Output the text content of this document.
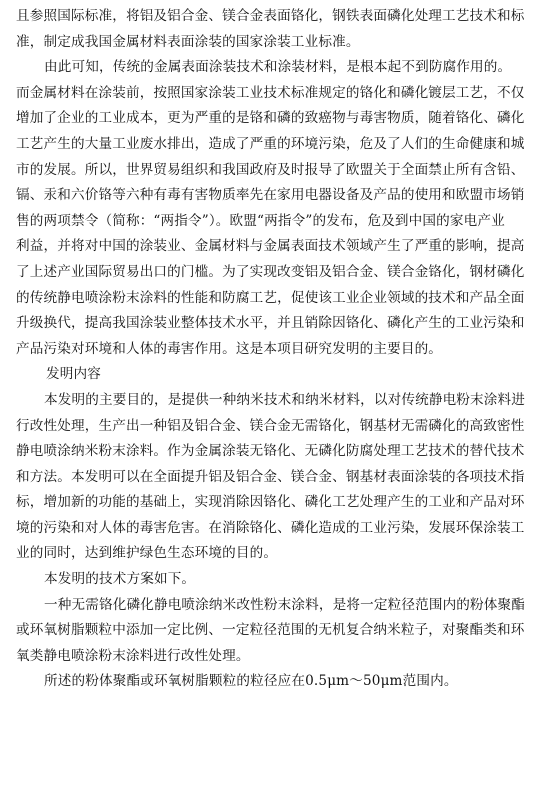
且参照国际标准，将铝及铝合金、镁合金表面铬化，钢铁表面磷化处理工艺技术和标
准，制定成我国金属材料表面涂装的国家涂装工业标准。
由此可知，传统的金属表面涂装技术和涂装材料，是根本起不到防腐作用的。
而金属材料在涂装前，按照国家涂装工业技术标准规定的铬化和磷化镀层工艺，不仅
增加了企业的工业成本，更为严重的是铬和磷的致癌物与毒害物质，随着铬化、磷化
工艺产生的大量工业废水排出，造成了严重的环境污染，危及了人们的生命健康和城
市的发展。所以，世界贸易组织和我国政府及时报导了欧盟关于全面禁止所有含铅、
镉、汞和六价铬等六种有毒有害物质率先在家用电器设备及产品的使用和欧盟市场销
售的两项禁令（简称：“两指令”）。欧盟“两指令”的发布，危及到中国的家电产业
利益，并将对中国的涂装业、金属材料与金属表面技术领域产生了严重的影响，提高
了上述产业国际贸易出口的门槛。为了实现改变铝及铝合金、镁合金铬化，钢材磷化
的传统静电喷涂粉末涂料的性能和防腐工艺，促使该工业企业领域的技术和产品全面
升级换代，提高我国涂装业整体技术水平，并且销除因铬化、磷化产生的工业污染和
产品污染对环境和人体的毒害作用。这是本项目研究发明的主要目的。
发明内容
本发明的主要目的，是提供一种纳米技术和纳米材料，以对传统静电粉末涂料进
行改性处理，生产出一种铝及铝合金、镁合金无需铬化，钢基材无需磷化的高致密性
静电喷涂纳米粉末涂料。作为金属涂装无铬化、无磷化防腐处理工艺技术的替代技术
和方法。本发明可以在全面提升铝及铝合金、镁合金、钢基材表面涂装的各项技术指
标，增加新的功能的基础上，实现消除因铬化、磷化工艺处理产生的工业和产品对环
境的污染和对人体的毒害危害。在消除铬化、磷化造成的工业污染，发展环保涂装工
业的同时，达到维护绿色生态环境的目的。
本发明的技术方案如下。
一种无需铬化磷化静电喷涂纳米改性粉末涂料，是将一定粒径范围内的粉体聚酯
或环氧树脂颗粒中添加一定比例、一定粒径范围的无机复合纳米粒子，对聚酯类和环
氧类静电喷涂粉末涂料进行改性处理。
所述的粉体聚酯或环氧树脂颗粒的粒径应在0.5μm～50μm范围内。
